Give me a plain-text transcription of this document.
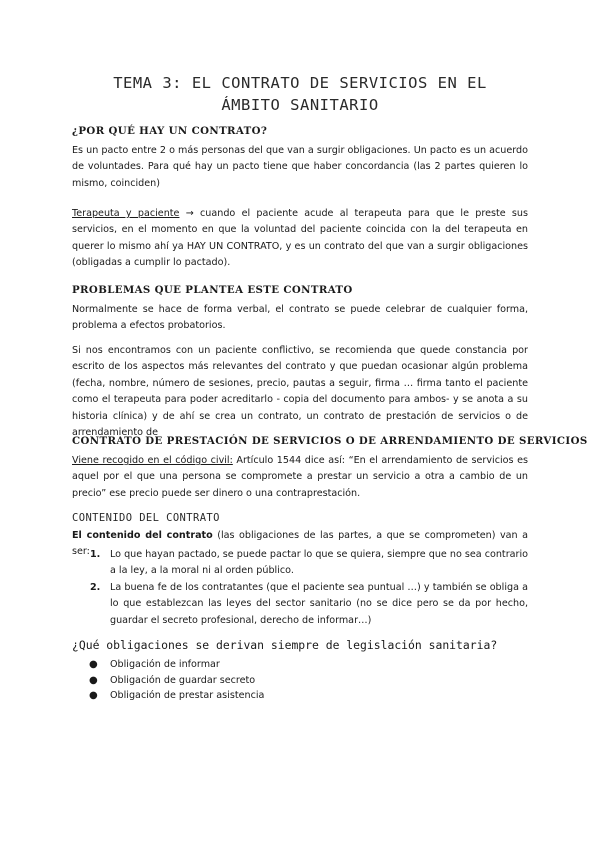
TEMA 3: EL CONTRATO DE SERVICIOS EN EL
ÁMBITO SANITARIO
¿POR QUÉ HAY UN CONTRATO?
Es un pacto entre 2 o más personas del que van a surgir obligaciones. Un pacto es un acuerdo de voluntades. Para qué hay un pacto tiene que haber concordancia (las 2 partes quieren lo mismo, coinciden)
Terapeuta y paciente → cuando el paciente acude al terapeuta para que le preste sus servicios, en el momento en que la voluntad del paciente coincida con la del terapeuta en querer lo mismo ahí ya HAY UN CONTRATO, y es un contrato del que van a surgir obligaciones (obligadas a cumplir lo pactado).
PROBLEMAS QUE PLANTEA ESTE CONTRATO
Normalmente se hace de forma verbal, el contrato se puede celebrar de cualquier forma, problema a efectos probatorios.
Si nos encontramos con un paciente conflictivo, se recomienda que quede constancia por escrito de los aspectos más relevantes del contrato y que puedan ocasionar algún problema (fecha, nombre, número de sesiones, precio, pautas a seguir, firma … firma tanto el paciente como el terapeuta para poder acreditarlo - copia del documento para ambos- y se anota a su historia clínica) y de ahí se crea un contrato, un contrato de prestación de servicios o de arrendamiento de
CONTRATO DE PRESTACIÓN DE SERVICIOS O DE ARRENDAMIENTO DE SERVICIOS
Viene recogido en el código civil: Artículo 1544 dice así: “En el arrendamiento de servicios es aquel por el que una persona se compromete a prestar un servicio a otra a cambio de un precio” ese precio puede ser dinero o una contraprestación.
CONTENIDO DEL CONTRATO
El contenido del contrato (las obligaciones de las partes, a que se comprometen) van a ser: 1. Lo que hayan pactado, se puede pactar lo que se quiera, siempre que no sea contrario a la ley, a la moral ni al orden público.
2. La buena fe de los contratantes (que el paciente sea puntual …) y también se obliga a lo que establezcan las leyes del sector sanitario (no se dice pero se da por hecho, guardar el secreto profesional, derecho de informar…)
¿Qué obligaciones se derivan siempre de legislación sanitaria?
● Obligación de informar
● Obligación de guardar secreto
● Obligación de prestar asistencia
